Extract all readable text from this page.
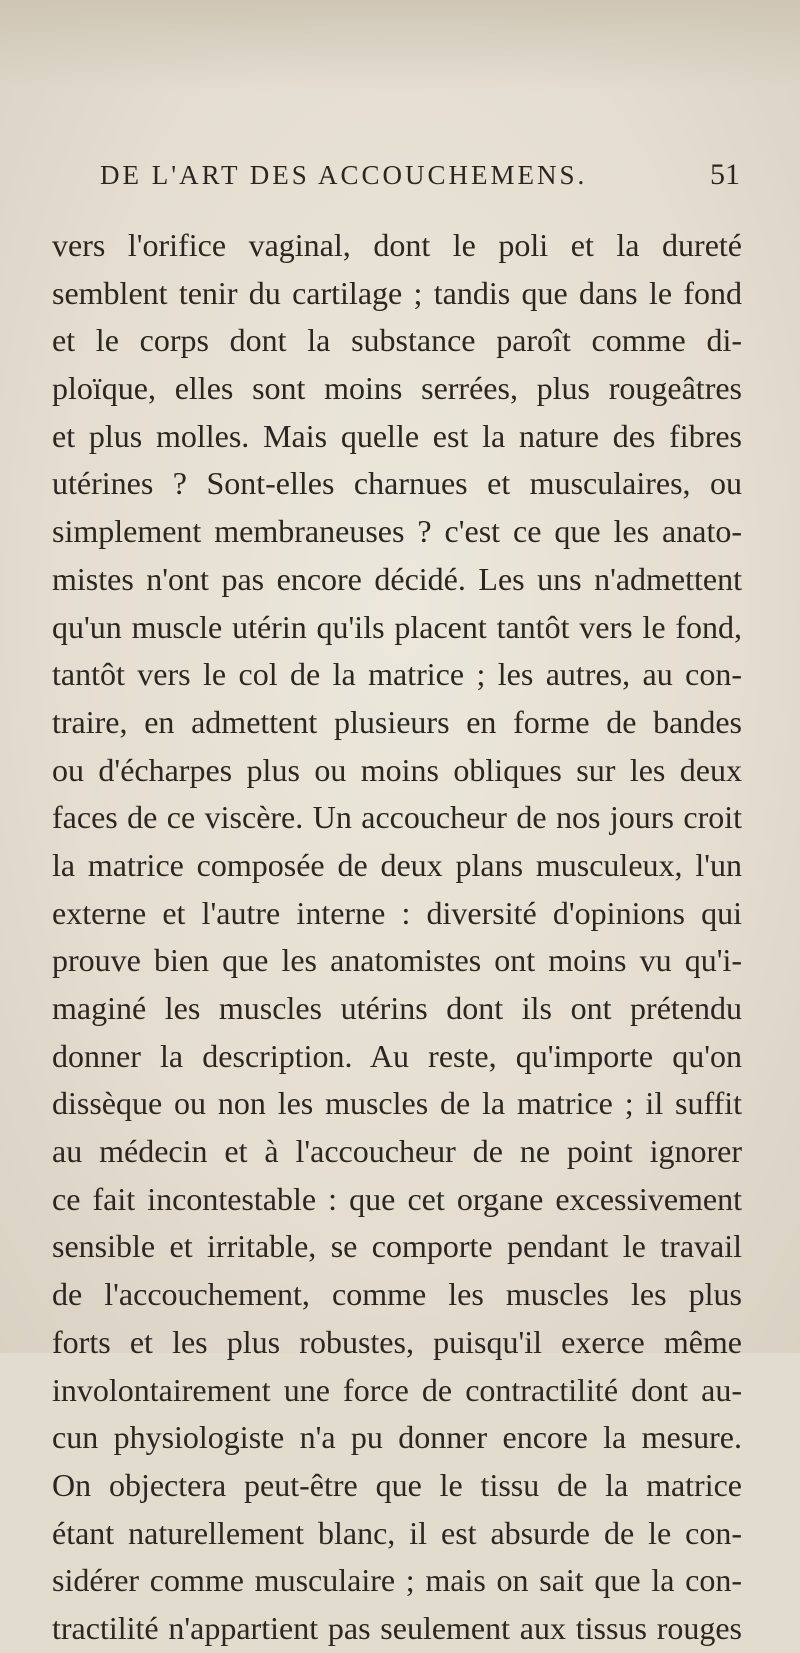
DE L'ART DES ACCOUCHEMENS.	51
vers l'orifice vaginal, dont le poli et la dureté
semblent tenir du cartilage ; tandis que dans le fond
et le corps dont la substance paroît comme di-
ploïque, elles sont moins serrées, plus rougeâtres
et plus molles. Mais quelle est la nature des fibres
utérines ? Sont-elles charnues et musculaires, ou
simplement membraneuses ? c'est ce que les anato-
mistes n'ont pas encore décidé. Les uns n'admettent
qu'un muscle utérin qu'ils placent tantôt vers le fond,
tantôt vers le col de la matrice ; les autres, au con-
traire, en admettent plusieurs en forme de bandes
ou d'écharpes plus ou moins obliques sur les deux
faces de ce viscère. Un accoucheur de nos jours croit
la matrice composée de deux plans musculeux, l'un
externe et l'autre interne : diversité d'opinions qui
prouve bien que les anatomistes ont moins vu qu'i-
maginé les muscles utérins dont ils ont prétendu
donner la description. Au reste, qu'importe qu'on
dissèque ou non les muscles de la matrice ; il suffit
au médecin et à l'accoucheur de ne point ignorer
ce fait incontestable : que cet organe excessivement
sensible et irritable, se comporte pendant le travail
de l'accouchement, comme les muscles les plus
forts et les plus robustes, puisqu'il exerce même
involontairement une force de contractilité dont au-
cun physiologiste n'a pu donner encore la mesure.
On objectera peut-être que le tissu de la matrice
étant naturellement blanc, il est absurde de le con-
sidérer comme musculaire ; mais on sait que la con-
tractilité n'appartient pas seulement aux tissus rouges
